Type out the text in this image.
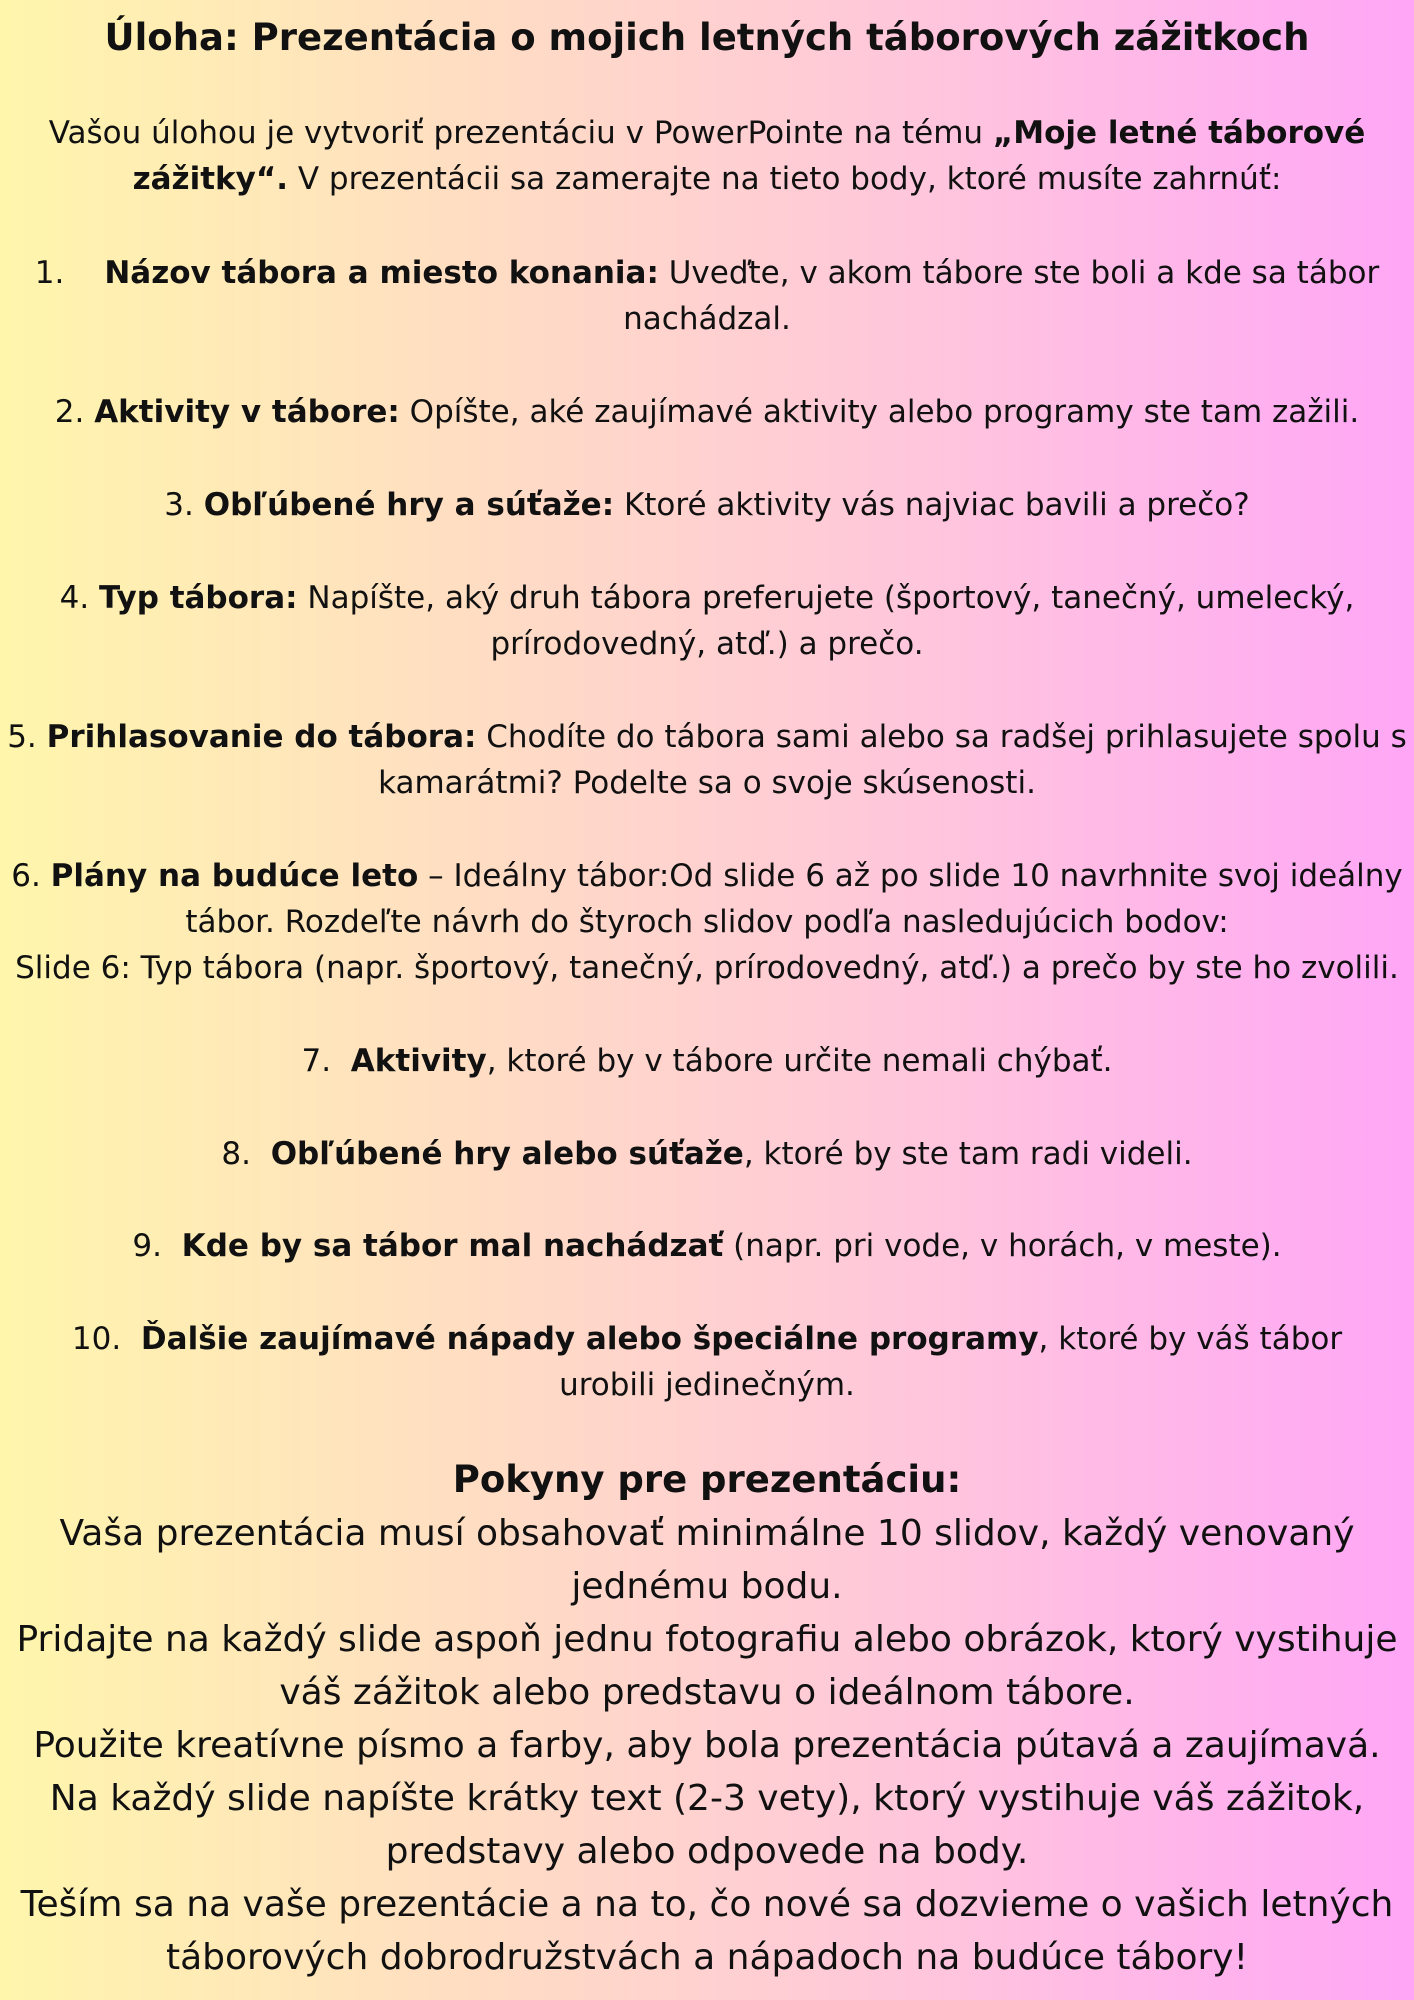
Úloha: Prezentácia o mojich letných táborových zážitkoch

Vašou úlohou je vytvoriť prezentáciu v PowerPointe na tému „Moje letné táborové zážitky“. V prezentácii sa zamerajte na tieto body, ktoré musíte zahrnúť:

1. Názov tábora a miesto konania: Uveďte, v akom tábore ste boli a kde sa tábor nachádzal.

2. Aktivity v tábore: Opíšte, aké zaujímavé aktivity alebo programy ste tam zažili.

3. Obľúbené hry a súťaže: Ktoré aktivity vás najviac bavili a prečo?

4. Typ tábora: Napíšte, aký druh tábora preferujete (športový, tanečný, umelecký, prírodovedný, atď.) a prečo.

5. Prihlasovanie do tábora: Chodíte do tábora sami alebo sa radšej prihlasujete spolu s kamarátmi? Podelte sa o svoje skúsenosti.

6. Plány na budúce leto – Ideálny tábor:Od slide 6 až po slide 10 navrhnite svoj ideálny tábor. Rozdeľte návrh do štyroch slidov podľa nasledujúcich bodov:
Slide 6: Typ tábora (napr. športový, tanečný, prírodovedný, atď.) a prečo by ste ho zvolili.

7. Aktivity, ktoré by v tábore určite nemali chýbať.

8. Obľúbené hry alebo súťaže, ktoré by ste tam radi videli.

9. Kde by sa tábor mal nachádzať (napr. pri vode, v horách, v meste).

10. Ďalšie zaujímavé nápady alebo špeciálne programy, ktoré by váš tábor urobili jedinečným.

Pokyny pre prezentáciu:
Vaša prezentácia musí obsahovať minimálne 10 slidov, každý venovaný jednému bodu.
Pridajte na každý slide aspoň jednu fotografiu alebo obrázok, ktorý vystihuje váš zážitok alebo predstavu o ideálnom tábore.
Použite kreatívne písmo a farby, aby bola prezentácia pútavá a zaujímavá.
Na každý slide napíšte krátky text (2-3 vety), ktorý vystihuje váš zážitok, predstavy alebo odpovede na body.
Teším sa na vaše prezentácie a na to, čo nové sa dozvieme o vašich letných táborových dobrodružstvách a nápadoch na budúce tábory!
